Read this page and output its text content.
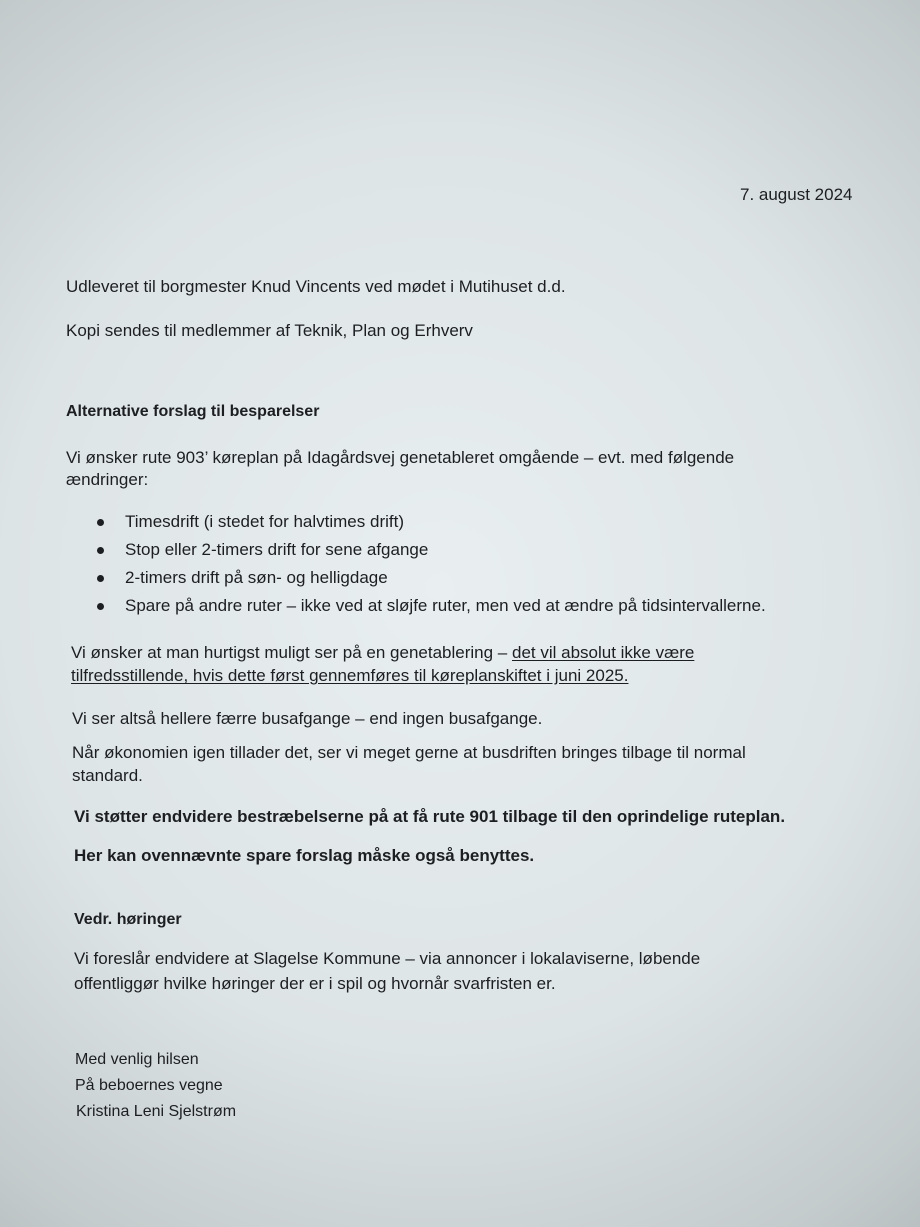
7. august 2024
Udleveret til borgmester Knud Vincents ved mødet i Mutihuset d.d.
Kopi sendes til medlemmer af Teknik, Plan og Erhverv
Alternative forslag til besparelser
Vi ønsker rute 903’ køreplan på Idagårdsvej genetableret omgående – evt. med følgende
ændringer:
Timesdrift (i stedet for halvtimes drift)
Stop eller 2-timers drift for sene afgange
2-timers drift på søn- og helligdage
Spare på andre ruter – ikke ved at sløjfe ruter, men ved at ændre på tidsintervallerne.
Vi ønsker at man hurtigst muligt ser på en genetablering – det vil absolut ikke være
tilfredsstillende, hvis dette først gennemføres til køreplanskiftet i juni 2025.
Vi ser altså hellere færre busafgange – end ingen busafgange.
Når økonomien igen tillader det, ser vi meget gerne at busdriften bringes tilbage til normal
standard.
Vi støtter endvidere bestræbelserne på at få rute 901 tilbage til den oprindelige ruteplan.
Her kan ovennævnte spare forslag måske også benyttes.
Vedr. høringer
Vi foreslår endvidere at Slagelse Kommune – via annoncer i lokalaviserne, løbende
offentliggør hvilke høringer der er i spil og hvornår svarfristen er.
Med venlig hilsen
På beboernes vegne
Kristina Leni Sjelstrøm
